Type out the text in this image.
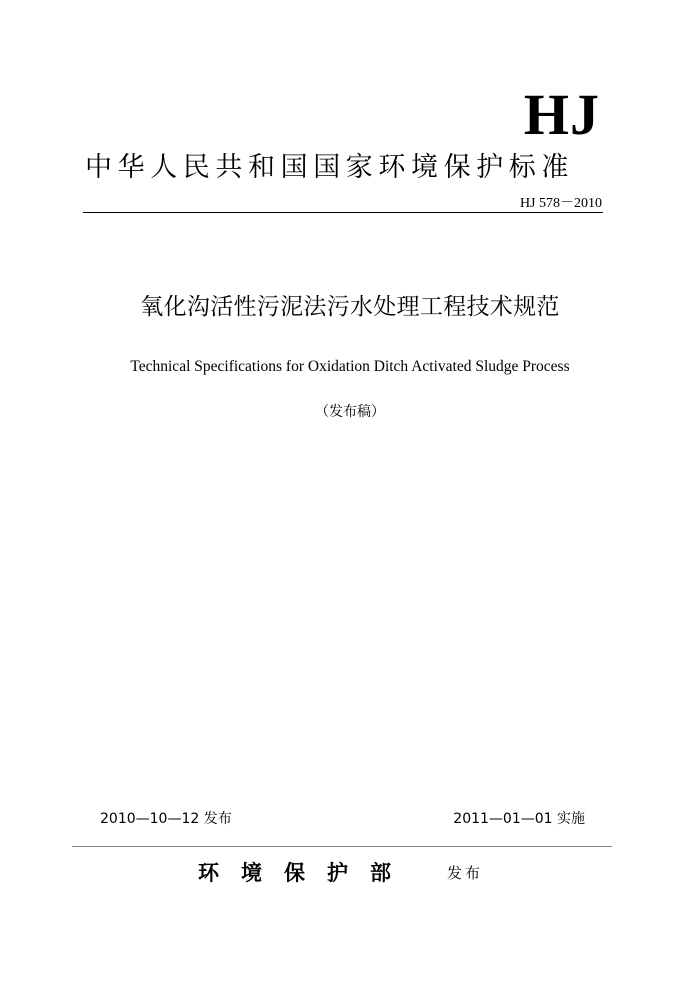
HJ
中华人民共和国国家环境保护标准
HJ 578－2010
氧化沟活性污泥法污水处理工程技术规范
Technical Specifications for Oxidation Ditch Activated Sludge Process
（发布稿）
2010—10—12 发布	2011—01—01 实施
环境保护部 发布
